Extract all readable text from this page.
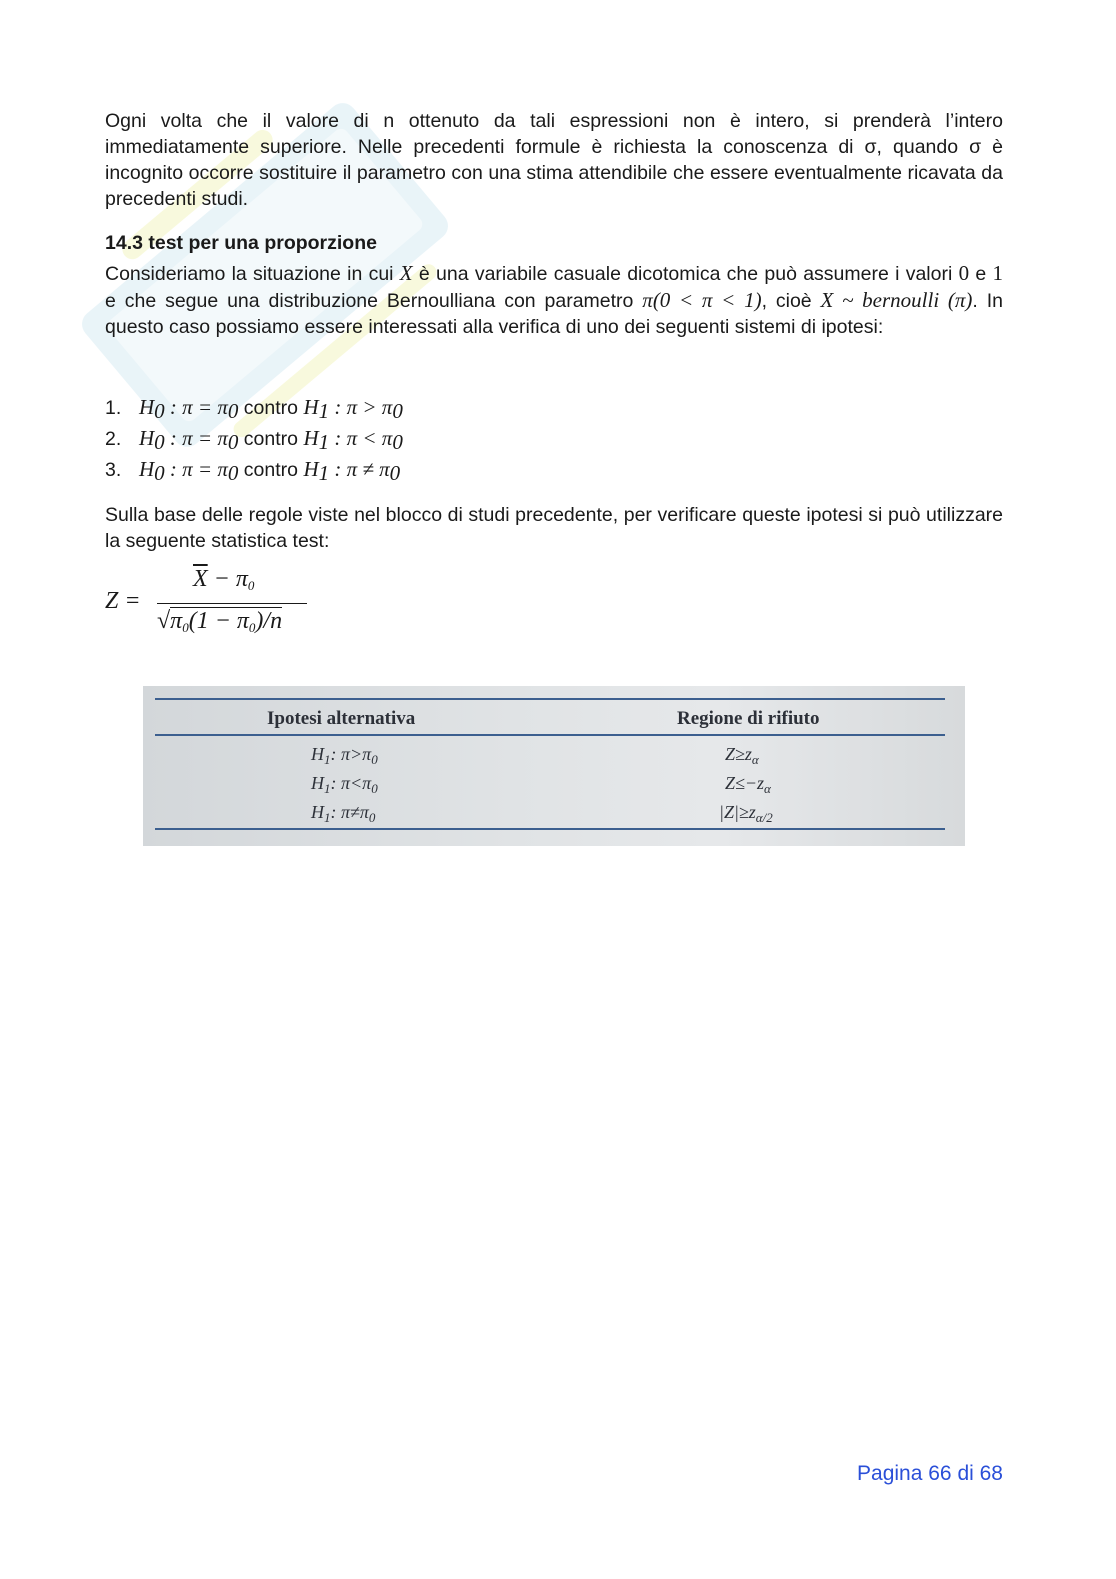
Ogni volta che il valore di n ottenuto da tali espressioni non è intero, si prenderà l’intero immediatamente superiore. Nelle precedenti formule è richiesta la conoscenza di σ, quando σ è incognito occorre sostituire il parametro con una stima attendibile che essere eventualmente ricavata da precedenti studi.

14.3 test per una proporzione

Consideriamo la situazione in cui X è una variabile casuale dicotomica che può assumere i valori 0 e 1 e che segue una distribuzione Bernoulliana con parametro π(0 < π < 1), cioè X ~ bernoulli (π). In questo caso possiamo essere interessati alla verifica di uno dei seguenti sistemi di ipotesi:

1. $H_0$ : $\pi = \pi_0$ contro $H_1$ : $\pi > \pi_0$
2. $H_0$ : $\pi = \pi_0$ contro $H_1$ : $\pi < \pi_0$
3. $H_0$ : $\pi = \pi_0$ contro $H_1$ : $\pi \ne \pi_0$

Sulla base delle regole viste nel blocco di studi precedente, per verificare queste ipotesi si può utilizzare la seguente statistica test:

Z =
$\overline{X} - \pi_0$
$√\pi_0(1 - \pi_0)/n$
Ipotesi alternativa	Regione di rifiuto
$H_1$: $\pi>\pi_0$	$Z\ge z_\alpha$
$H_1$: $\pi<\pi_0$	$Z\le-z_\alpha$
$H_1$: $\pi\ne\pi_0$	$|Z|\ge z_{\alpha/2}$
Pagina 66 di 68
